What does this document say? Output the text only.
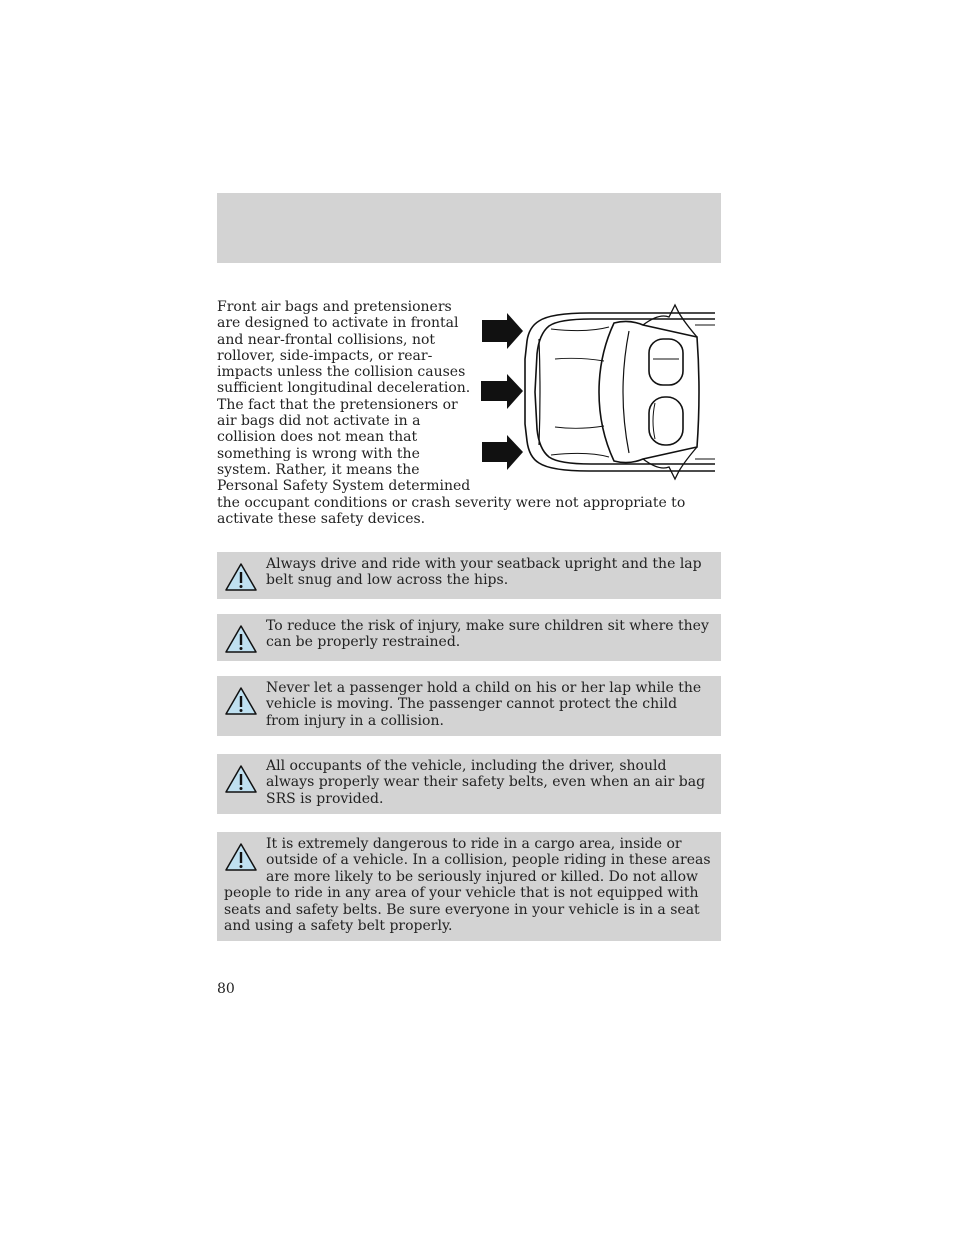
Front air bags and pretensioners are designed to activate in frontal and near-frontal collisions, not rollover, side-impacts, or rear-impacts unless the collision causes sufficient longitudinal deceleration. The fact that the pretensioners or air bags did not activate in a collision does not mean that something is wrong with the system. Rather, it means the Personal Safety System determined the occupant conditions or crash severity were not appropriate to activate these safety devices.
Always drive and ride with your seatback upright and the lap belt snug and low across the hips.
To reduce the risk of injury, make sure children sit where they can be properly restrained.
Never let a passenger hold a child on his or her lap while the vehicle is moving. The passenger cannot protect the child from injury in a collision.
All occupants of the vehicle, including the driver, should always properly wear their safety belts, even when an air bag SRS is provided.
It is extremely dangerous to ride in a cargo area, inside or outside of a vehicle. In a collision, people riding in these areas are more likely to be seriously injured or killed. Do not allow people to ride in any area of your vehicle that is not equipped with seats and safety belts. Be sure everyone in your vehicle is in a seat and using a safety belt properly.
80
